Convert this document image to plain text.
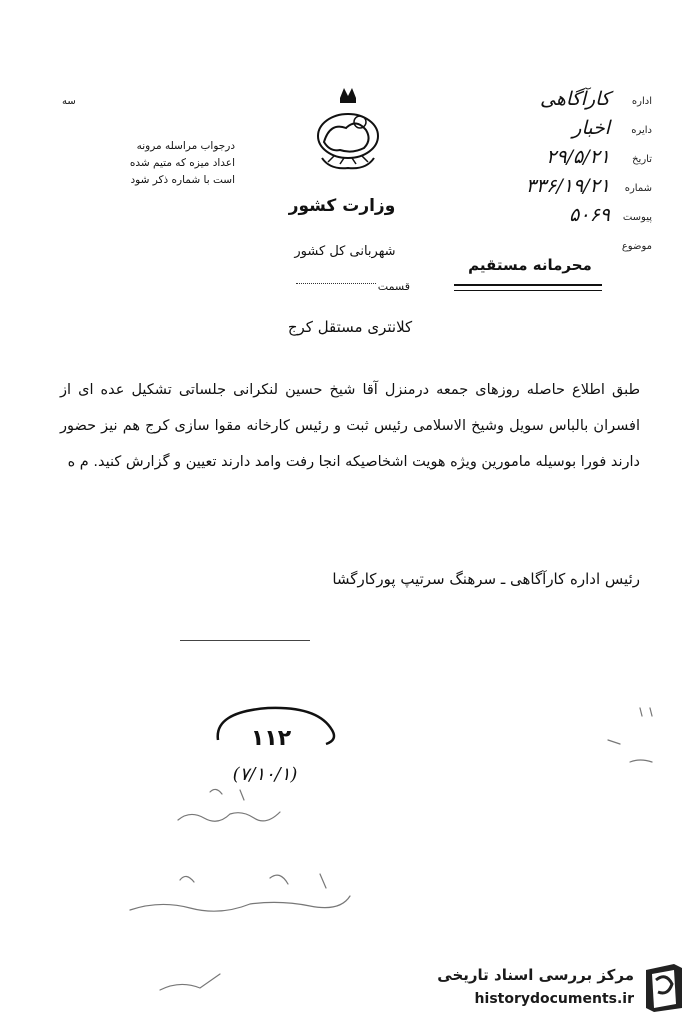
سه
درجواب مراسله مرونه
اعداد میزه که متیم شده
است با شماره ذکر شود
وزارت کشور
شهربانی کل کشور
قسمت
اداره
کارآگاهی
دایره
اخبار
تاریخ
۲۹/۵/۲۱
شماره
۳۳۶/۱۹/۲۱
پیوست
۵۰۶۹
موضوع
محرمانه مستقیم
کلانتری مستقل کرج
طبق اطلاع حاصله روزهای جمعه درمنزل آقا شیخ حسین لنکرانی جلساتی تشکیل عده ای از افسران بالباس سویل وشیخ الاسلامی رئیس ثبت و رئیس کارخانه مقوا سازی کرج هم نیز حضور دارند فورا بوسیله مامورین ویژه هویت اشخاصیکه انجا رفت وامد دارند تعیین و گزارش کنید. م ه
رئیس اداره کارآگاهی ـ سرهنگ سرتیپ پورکارگشا
۱۱۲
(۷/۱۰/۱)
مرکز بررسی اسناد تاریخی
historydocuments.ir
